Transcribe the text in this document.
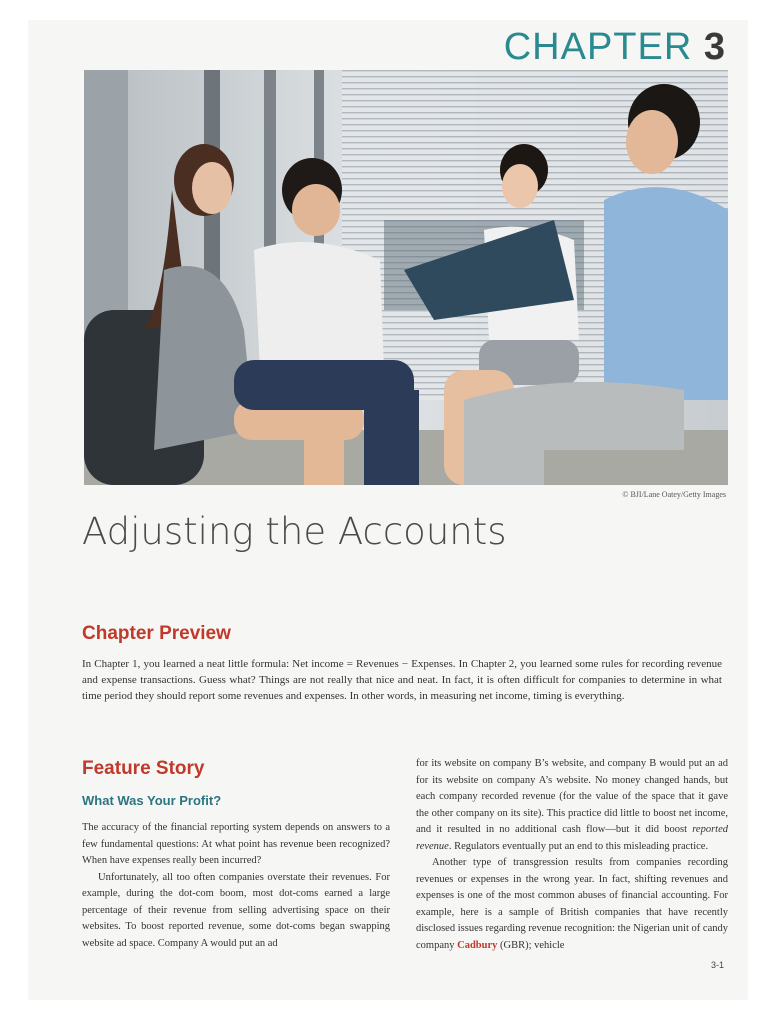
CHAPTER 3
© BJI/Lane Oatey/Getty Images
Adjusting the Accounts
Chapter Preview
In Chapter 1, you learned a neat little formula: Net income = Revenues − Expenses. In Chapter 2, you learned some rules for recording revenue and expense transactions. Guess what? Things are not really that nice and neat. In fact, it is often difficult for companies to determine in what time period they should report some revenues and expenses. In other words, in measuring net income, timing is everything.
Feature Story
What Was Your Profit?

The accuracy of the financial reporting system depends on answers to a few fundamental questions: At what point has revenue been recognized? When have expenses really been incurred?

Unfortunately, all too often companies overstate their revenues. For example, during the dot-com boom, most dot-coms earned a large percentage of their revenue from selling advertising space on their websites. To boost reported revenue, some dot-coms began swapping website ad space. Company A would put an ad

for its website on company B’s website, and company B would put an ad for its website on company A’s website. No money changed hands, but each company recorded revenue (for the value of the space that it gave the other company on its site). This practice did little to boost net income, and it resulted in no additional cash flow—but it did boost reported revenue. Regulators eventually put an end to this misleading practice.

Another type of transgression results from companies recording revenues or expenses in the wrong year. In fact, shifting revenues and expenses is one of the most common abuses of financial accounting. For example, here is a sample of British companies that have recently disclosed issues regarding revenue recognition: the Nigerian unit of candy company Cadbury (GBR); vehicle

3-1
